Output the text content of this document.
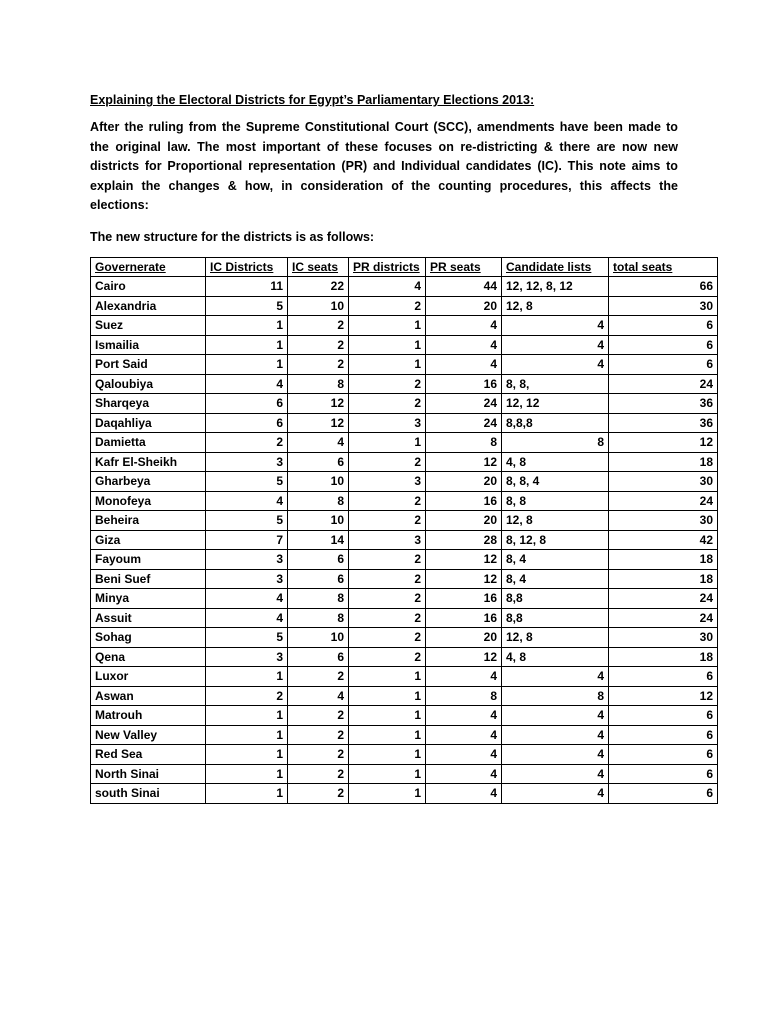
Explaining the Electoral Districts for Egypt’s Parliamentary Elections 2013:

After the ruling from the Supreme Constitutional Court (SCC), amendments have been made to the original law. The most important of these focuses on re-districting & there are now new districts for Proportional representation (PR) and Individual candidates (IC). This note aims to explain the changes & how, in consideration of the counting procedures, this affects the elections:

The new structure for the districts is as follows:
Governerate	IC Districts	IC seats	PR districts	PR seats	Candidate lists	total seats
Cairo	11	22	4	44	12, 12, 8, 12	66
Alexandria	5	10	2	20	12, 8	30
Suez	1	2	1	4	4	6
Ismailia	1	2	1	4	4	6
Port Said	1	2	1	4	4	6
Qaloubiya	4	8	2	16	8, 8,	24
Sharqeya	6	12	2	24	12, 12	36
Daqahliya	6	12	3	24	8,8,8	36
Damietta	2	4	1	8	8	12
Kafr El-Sheikh	3	6	2	12	4, 8	18
Gharbeya	5	10	3	20	8, 8, 4	30
Monofeya	4	8	2	16	8, 8	24
Beheira	5	10	2	20	12, 8	30
Giza	7	14	3	28	8, 12, 8	42
Fayoum	3	6	2	12	8, 4	18
Beni Suef	3	6	2	12	8, 4	18
Minya	4	8	2	16	8,8	24
Assuit	4	8	2	16	8,8	24
Sohag	5	10	2	20	12, 8	30
Qena	3	6	2	12	4, 8	18
Luxor	1	2	1	4	4	6
Aswan	2	4	1	8	8	12
Matrouh	1	2	1	4	4	6
New Valley	1	2	1	4	4	6
Red Sea	1	2	1	4	4	6
North Sinai	1	2	1	4	4	6
south Sinai	1	2	1	4	4	6
